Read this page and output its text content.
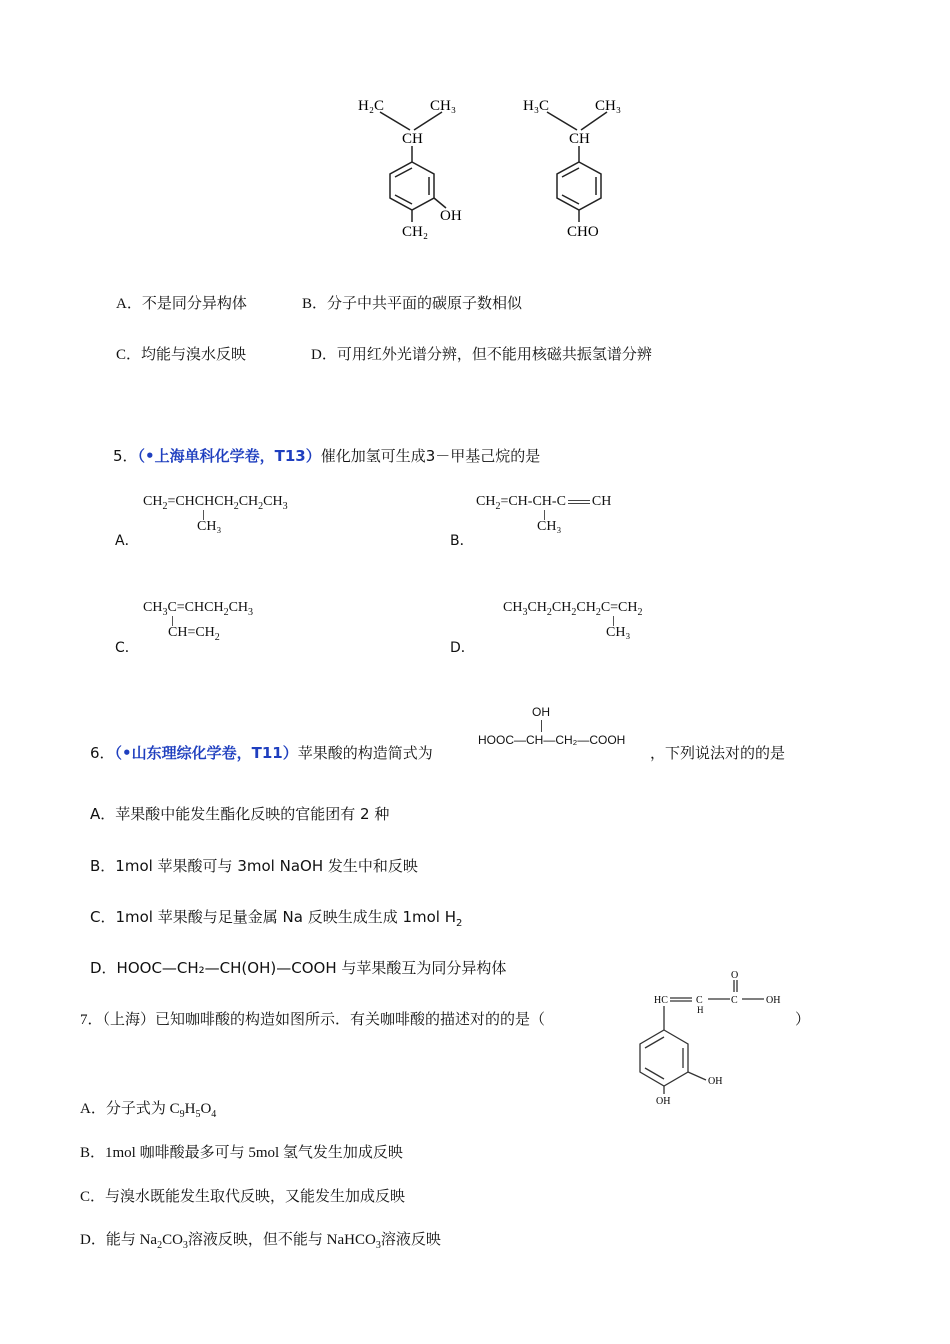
H₂C	CH₃
CH
OH
CH₂
H₃C	CH₃
CH
CHO
A．不是同分异构体	B．分子中共平面的碳原子数相似
C．均能与溴水反映	D．可用红外光谱分辨，但不能用核磁共振氢谱分辨
5．（•上海单科化学卷，T13）催化加氢可生成3－甲基己烷的是
$CH_2=CHCHCH_2CH_2CH_3$
CH₃
A．
$CH_2=CH-CH-C$ CH
CH₃
B．
$CH_3C=CHCH_2CH_3$
$CH=CH_2$
C．
$CH_3CH_2CH_2CH_2C=CH_2$
CH₃
D．
6．（•山东理综化学卷，T11）苹果酸的构造简式为
OH
HOOC—CH—CH₂—COOH
，下列说法对的的是
A．苹果酸中能发生酯化反映的官能团有 2 种
B．1mol 苹果酸可与 3mol NaOH 发生中和反映
C．1mol 苹果酸与足量金属 Na 反映生成生成 1mol $H_2$
D．HOOC—CH₂—CH(OH)—COOH 与苹果酸互为同分异构体
7．（上海）已知咖啡酸的构造如图所示．有关咖啡酸的描述对的的是（	）
HC	C
H
O
C	OH
OH
OH
A．分子式为 $C_9H_5O_4$
B．1mol 咖啡酸最多可与 5mol 氢气发生加成反映
C．与溴水既能发生取代反映，又能发生加成反映
D．能与 $Na_2CO_3$溶液反映，但不能与 NaHCO$_3$溶液反映
